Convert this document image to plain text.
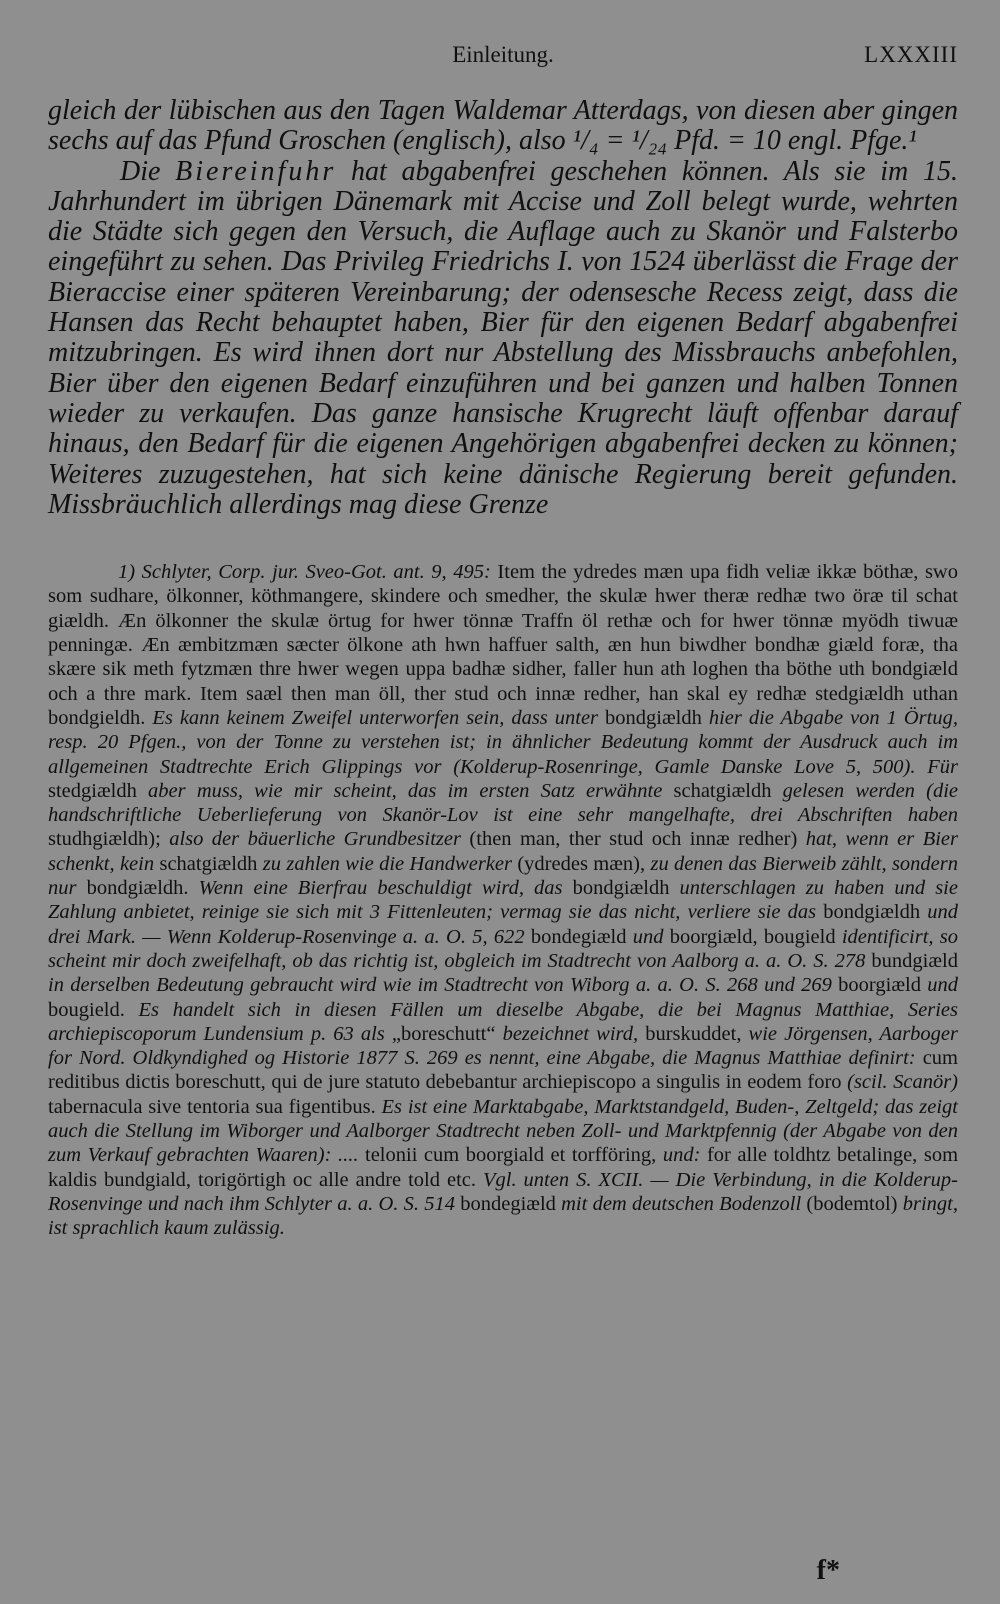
Einleitung.	LXXXIII

gleich der lübischen aus den Tagen Waldemar Atterdags, von diesen aber gingen sechs auf das Pfund Groschen (englisch), also ¹/₄ = ¹/₂₄ Pfd. = 10 engl. Pfge.¹

Die Biereinfuhr hat abgabenfrei geschehen können. Als sie im 15. Jahrhundert im übrigen Dänemark mit Accise und Zoll belegt wurde, wehrten die Städte sich gegen den Versuch, die Auflage auch zu Skanör und Falsterbo eingeführt zu sehen. Das Privileg Friedrichs I. von 1524 überlässt die Frage der Bieraccise einer späteren Vereinbarung; der odensesche Recess zeigt, dass die Hansen das Recht behauptet haben, Bier für den eigenen Bedarf abgabenfrei mitzubringen. Es wird ihnen dort nur Abstellung des Missbrauchs anbefohlen, Bier über den eigenen Bedarf einzuführen und bei ganzen und halben Tonnen wieder zu verkaufen. Das ganze hansische Krugrecht läuft offenbar darauf hinaus, den Bedarf für die eigenen Angehörigen abgabenfrei decken zu können; Weiteres zuzugestehen, hat sich keine dänische Regierung bereit gefunden. Missbräuchlich allerdings mag diese Grenze

1) Schlyter, Corp. jur. Sveo-Got. ant. 9, 495: Item the ydredes mæn upa fidh veliæ ikkæ böthæ, swo som sudhare, ölkonner, köthmangere, skindere och smedher, the skulæ hwer theræ redhæ two öræ til schat giældh. Æn ölkonner the skulæ örtug for hwer tönnæ Traffn öl rethæ och for hwer tönnæ myödh tiwuæ penningæ. Æn æmbitzmæn sæcter ölkone ath hwn haffuer salth, æn hun biwdher bondhæ giæld foræ, tha skære sik meth fytzmæn thre hwer wegen uppa badhæ sidher, faller hun ath loghen tha böthe uth bondgiæld och a thre mark. Item saæl then man öll, ther stud och innæ redher, han skal ey redhæ stedgiældh uthan bondgieldh. Es kann keinem Zweifel unterworfen sein, dass unter bondgiældh hier die Abgabe von 1 Örtug, resp. 20 Pfgen., von der Tonne zu verstehen ist; in ähnlicher Bedeutung kommt der Ausdruck auch im allgemeinen Stadtrechte Erich Glippings vor (Kolderup-Rosenringe, Gamle Danske Love 5, 500). Für stedgiældh aber muss, wie mir scheint, das im ersten Satz erwähnte schatgiældh gelesen werden (die handschriftliche Ueberlieferung von Skanör-Lov ist eine sehr mangelhafte, drei Abschriften haben studhgiældh); also der bäuerliche Grundbesitzer (then man, ther stud och innæ redher) hat, wenn er Bier schenkt, kein schatgiældh zu zahlen wie die Handwerker (ydredes mæn), zu denen das Bierweib zählt, sondern nur bondgiældh. Wenn eine Bierfrau beschuldigt wird, das bondgiældh unterschlagen zu haben und sie Zahlung anbietet, reinige sie sich mit 3 Fittenleuten; vermag sie das nicht, verliere sie das bondgiældh und drei Mark. — Wenn Kolderup-Rosenvinge a. a. O. 5, 622 bondegiæld und boorgiæld, bougield identificirt, so scheint mir doch zweifelhaft, ob das richtig ist, obgleich im Stadtrecht von Aalborg a. a. O. S. 278 bundgiæld in derselben Bedeutung gebraucht wird wie im Stadtrecht von Wiborg a. a. O. S. 268 und 269 boorgiæld und bougield. Es handelt sich in diesen Fällen um dieselbe Abgabe, die bei Magnus Matthiae, Series archiepiscoporum Lundensium p. 63 als „boreschutt“ bezeichnet wird, burskuddet, wie Jörgensen, Aarboger for Nord. Oldkyndighed og Historie 1877 S. 269 es nennt, eine Abgabe, die Magnus Matthiae definirt: cum reditibus dictis boreschutt, qui de jure statuto debebantur archiepiscopo a singulis in eodem foro (scil. Scanör) tabernacula sive tentoria sua figentibus. Es ist eine Marktabgabe, Marktstandgeld, Buden-, Zeltgeld; das zeigt auch die Stellung im Wiborger und Aalborger Stadtrecht neben Zoll- und Marktpfennig (der Abgabe von den zum Verkauf gebrachten Waaren): .... telonii cum boorgiald et torfföring, und: for alle toldhtz betalinge, som kaldis bundgiald, torigörtigh oc alle andre told etc. Vgl. unten S. XCII. — Die Verbindung, in die Kolderup-Rosenvinge und nach ihm Schlyter a. a. O. S. 514 bondegiæld mit dem deutschen Bodenzoll (bodemtol) bringt, ist sprachlich kaum zulässig.

f*
